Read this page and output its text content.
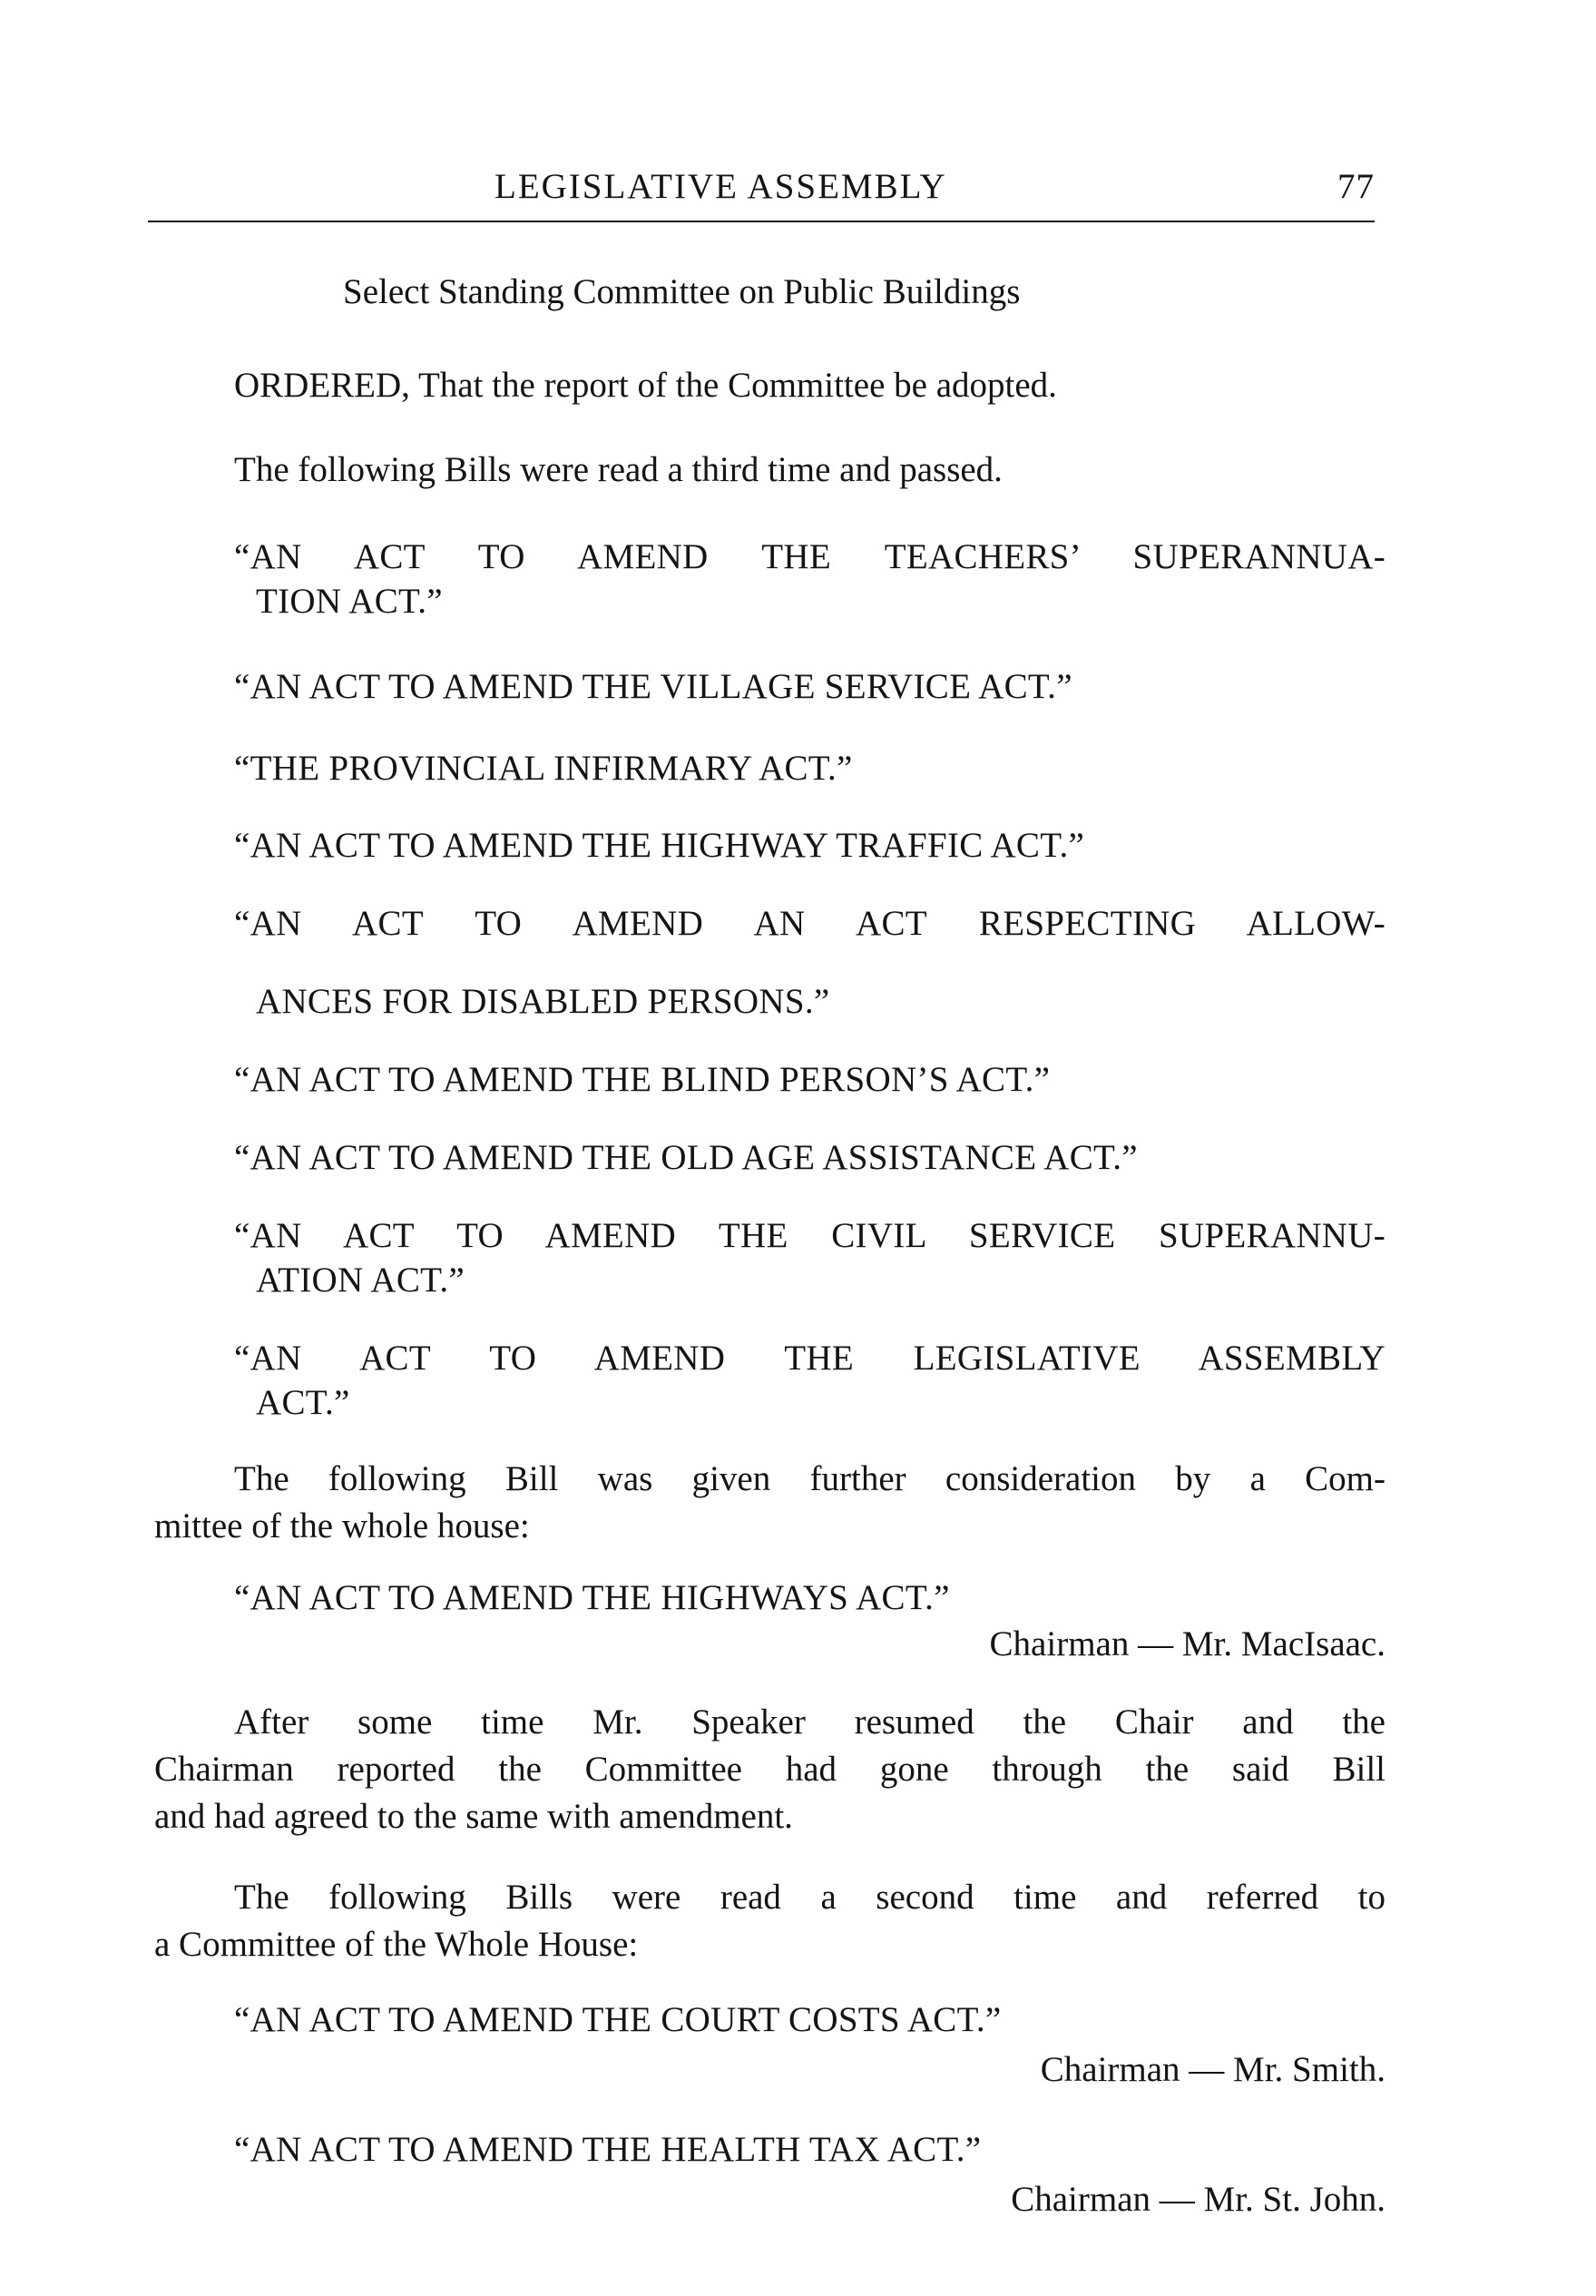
LEGISLATIVE ASSEMBLY	77
Select Standing Committee on Public Buildings
ORDERED, That the report of the Committee be adopted.
The following Bills were read a third time and passed.
“AN ACT TO AMEND THE TEACHERS’ SUPERANNUA-
TION ACT.”
“AN ACT TO AMEND THE VILLAGE SERVICE ACT.”
“THE PROVINCIAL INFIRMARY ACT.”
“AN ACT TO AMEND THE HIGHWAY TRAFFIC ACT.”
“AN ACT TO AMEND AN ACT RESPECTING ALLOW-
ANCES FOR DISABLED PERSONS.”
“AN ACT TO AMEND THE BLIND PERSON’S ACT.”
“AN ACT TO AMEND THE OLD AGE ASSISTANCE ACT.”
“AN ACT TO AMEND THE CIVIL SERVICE SUPERANNU-
ATION ACT.”
“AN ACT TO AMEND THE LEGISLATIVE ASSEMBLY
ACT.”
The following Bill was given further consideration by a Com-
mittee of the whole house:
“AN ACT TO AMEND THE HIGHWAYS ACT.”
Chairman — Mr. MacIsaac.
After some time Mr. Speaker resumed the Chair and the
Chairman reported the Committee had gone through the said Bill
and had agreed to the same with amendment.
The following Bills were read a second time and referred to
a Committee of the Whole House:
“AN ACT TO AMEND THE COURT COSTS ACT.”
Chairman — Mr. Smith.
“AN ACT TO AMEND THE HEALTH TAX ACT.”
Chairman — Mr. St. John.
